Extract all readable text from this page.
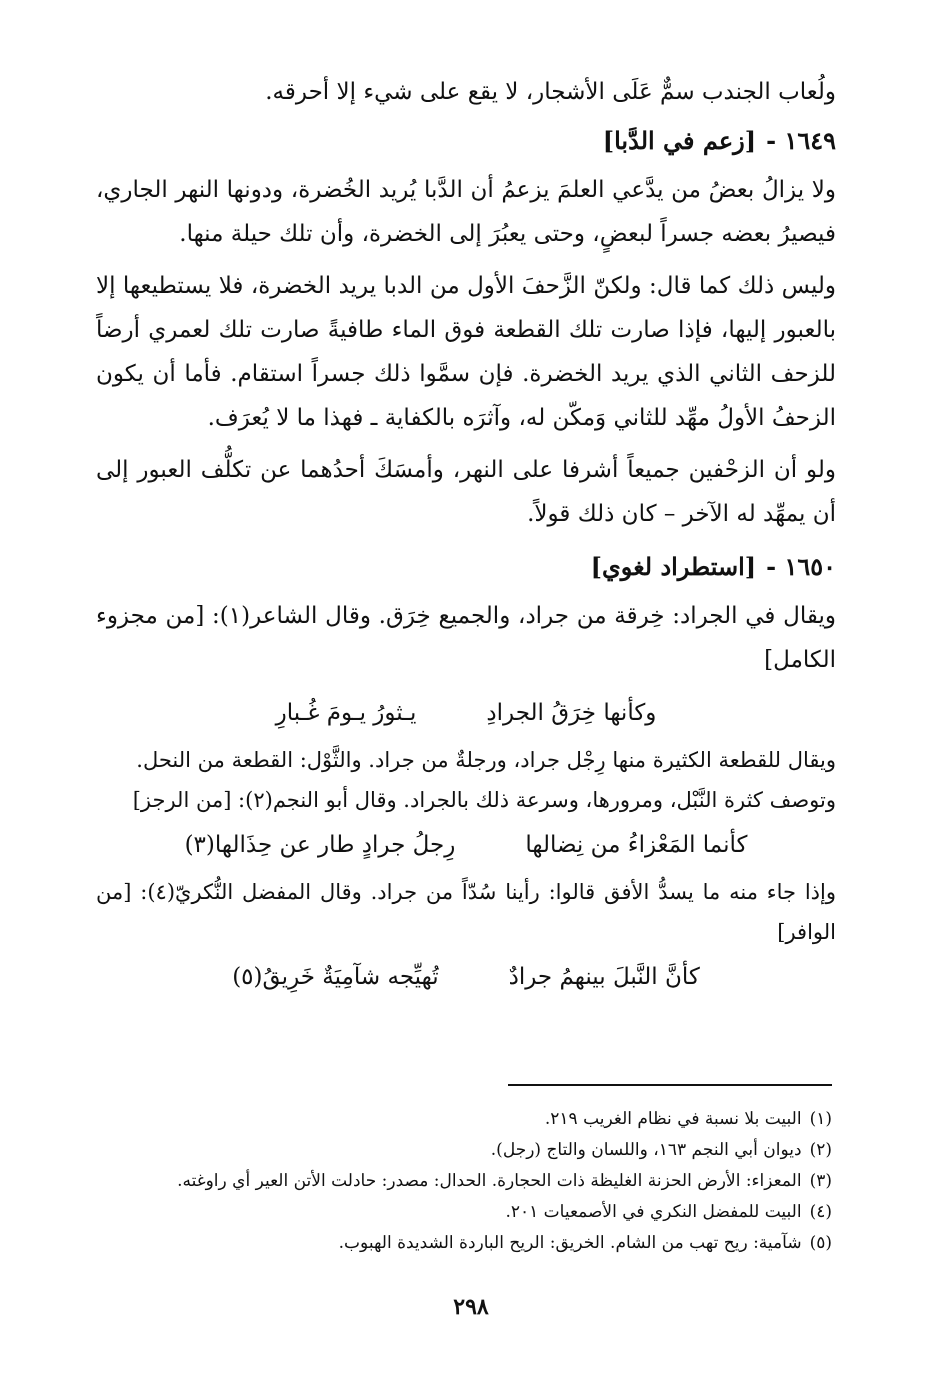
ولُعاب الجندب سمٌّ عَلَى الأشجار، لا يقع على شيء إلا أحرقه.

١٦٤٩ -[زعم في الدَّبا]

ولا يزالُ بعضُ من يدَّعي العلمَ يزعمُ أن الدَّبا يُريد الخُضرة، ودونها النهر الجاري، فيصيرُ بعضه جسراً لبعضٍ، وحتى يعبُرَ إلى الخضرة، وأن تلك حيلة منها.

وليس ذلك كما قال: ولكنّ الزَّحفَ الأول من الدبا يريد الخضرة، فلا يستطيعها إلا بالعبور إليها، فإذا صارت تلك القطعة فوق الماء طافيةً صارت تلك لعمري أرضاً للزحف الثاني الذي يريد الخضرة. فإن سمَّوا ذلك جسراً استقام. فأما أن يكون الزحفُ الأولُ مهِّد للثاني وَمكّن له، وآثرَه بالكفاية ـ فهذا ما لا يُعرَف.

ولو أن الزحْفين جميعاً أشرفا على النهر، وأمسَكَ أحدُهما عن تكلُّف العبور إلى أن يمهِّد له الآخر – كان ذلك قولاً.

١٦٥٠ -[استطراد لغوي]

ويقال في الجراد: خِرقة من جراد، والجميع خِرَق. وقال الشاعر(١): [من مجزوء الكامل]

وكأنها خِرَقُ الجرادِ
يـثورُ يـومَ غُـبارِ

ويقال للقطعة الكثيرة منها رِجْل جراد، ورجلةٌ من جراد. والثَّوْل: القطعة من النحل.

وتوصف كثرة النَّبْل، ومرورها، وسرعة ذلك بالجراد. وقال أبو النجم(٢): [من الرجز]

كأنما المَعْزاءُ من نِضالها
رِجلُ جرادٍ طار عن حِذَالها(٣)

وإذا جاء منه ما يسدُّ الأفق قالوا: رأينا سُدّاً من جراد. وقال المفضل النُّكريّ(٤): [من الوافر]

كأنَّ النَّبلَ بينهمُ جرادٌ
تُهيِّجه شآمِيَةٌ خَرِيقُ(٥)

(١)البيت بلا نسبة في نظام الغريب ٢١٩.

(٢)ديوان أبي النجم ١٦٣، واللسان والتاج (رجل).

(٣)المعزاء: الأرض الحزنة الغليظة ذات الحجارة. الحدال: مصدر: حادلت الأتن العير أي راوغته.

(٤)البيت للمفضل النكري في الأصمعيات ٢٠١.

(٥)شآمية: ريح تهب من الشام. الخريق: الريح الباردة الشديدة الهبوب.

٢٩٨
